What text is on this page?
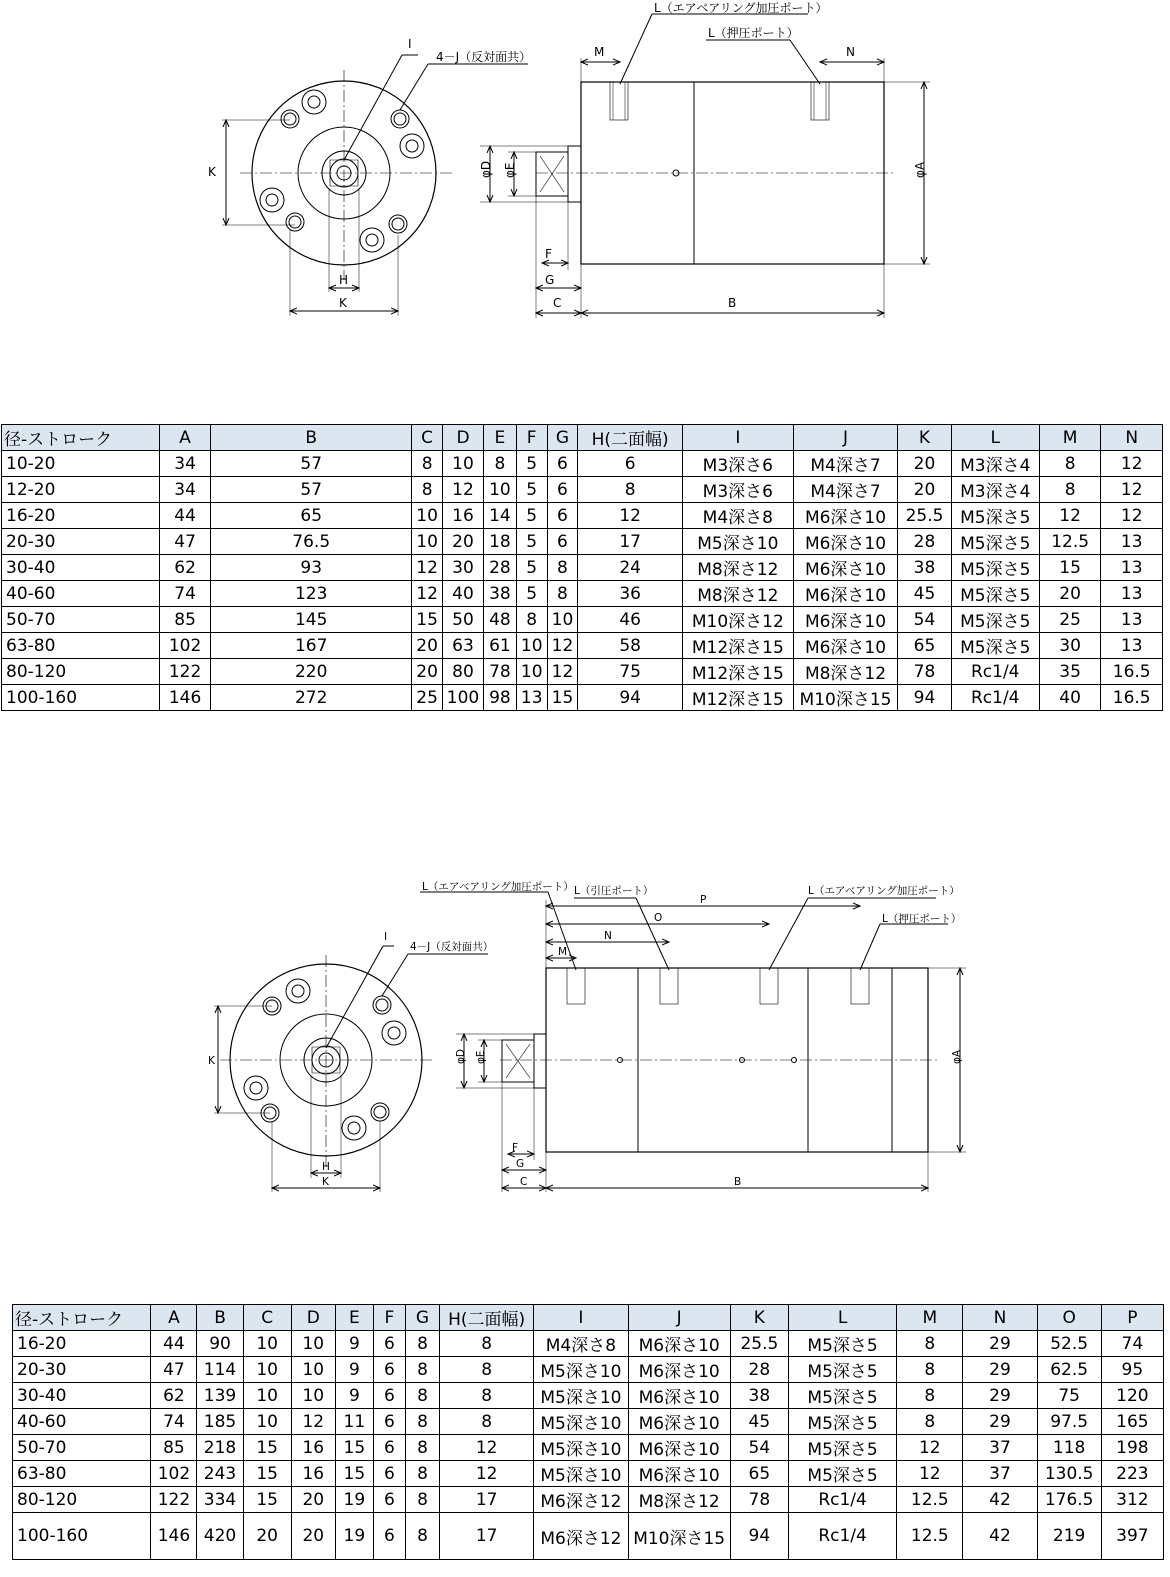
I
4－J（反対面共）
L（エアベアリング加圧ポート）
L（押圧ポート）
K
H
K
M	N
φD φE	φA
F
G
C	B
径-ストローク	A	B	C	D	E	F	G	H(二面幅)	I	J	K	L	M	N
10-20	34	57	8	10	8	5	6	6	M3深さ6	M4深さ7	20	M3深さ4	8	12
12-20	34	57	8	12	10	5	6	8	M3深さ6	M4深さ7	20	M3深さ4	8	12
16-20	44	65	10	16	14	5	6	12	M4深さ8	M6深さ10	25.5	M5深さ5	12	12
20-30	47	76.5	10	20	18	5	6	17	M5深さ10	M6深さ10	28	M5深さ5	12.5	13
30-40	62	93	12	30	28	5	8	24	M8深さ12	M6深さ10	38	M5深さ5	15	13
40-60	74	123	12	40	38	5	8	36	M8深さ12	M6深さ10	45	M5深さ5	20	13
50-70	85	145	15	50	48	8	10	46	M10深さ12	M6深さ10	54	M5深さ5	25	13
63-80	102	167	20	63	61	10	12	58	M12深さ15	M6深さ10	65	M5深さ5	30	13
80-120	122	220	20	80	78	10	12	75	M12深さ15	M8深さ12	78	Rc1/4	35	16.5
100-160	146	272	25	100	98	13	15	94	M12深さ15	M10深さ15	94	Rc1/4	40	16.5
L（エアベアリング加圧ポート） L（引圧ポート）	L（エアベアリング加圧ポート）
L（押圧ポート）
I
4－J（反対面共）
P
O
N
M
K
H
K
φD φE	φA
F
G
C	B
径-ストローク	A	B	C	D	E	F	G	H(二面幅)	I	J	K	L	M	N	O	P
16-20	44	90	10	10	9	6	8	8	M4深さ8	M6深さ10	25.5	M5深さ5	8	29	52.5	74
20-30	47	114	10	10	9	6	8	8	M5深さ10	M6深さ10	28	M5深さ5	8	29	62.5	95
30-40	62	139	10	10	9	6	8	8	M5深さ10	M6深さ10	38	M5深さ5	8	29	75	120
40-60	74	185	10	12	11	6	8	8	M5深さ10	M6深さ10	45	M5深さ5	8	29	97.5	165
50-70	85	218	15	16	15	6	8	12	M5深さ10	M6深さ10	54	M5深さ5	12	37	118	198
63-80	102	243	15	16	15	6	8	12	M5深さ10	M6深さ10	65	M5深さ5	12	37	130.5	223
80-120	122	334	15	20	19	6	8	17	M6深さ12	M8深さ12	78	Rc1/4	12.5	42	176.5	312
100-160	146	420	20	20	19	6	8	17	M6深さ12	M10深さ15	94	Rc1/4	12.5	42	219	397
